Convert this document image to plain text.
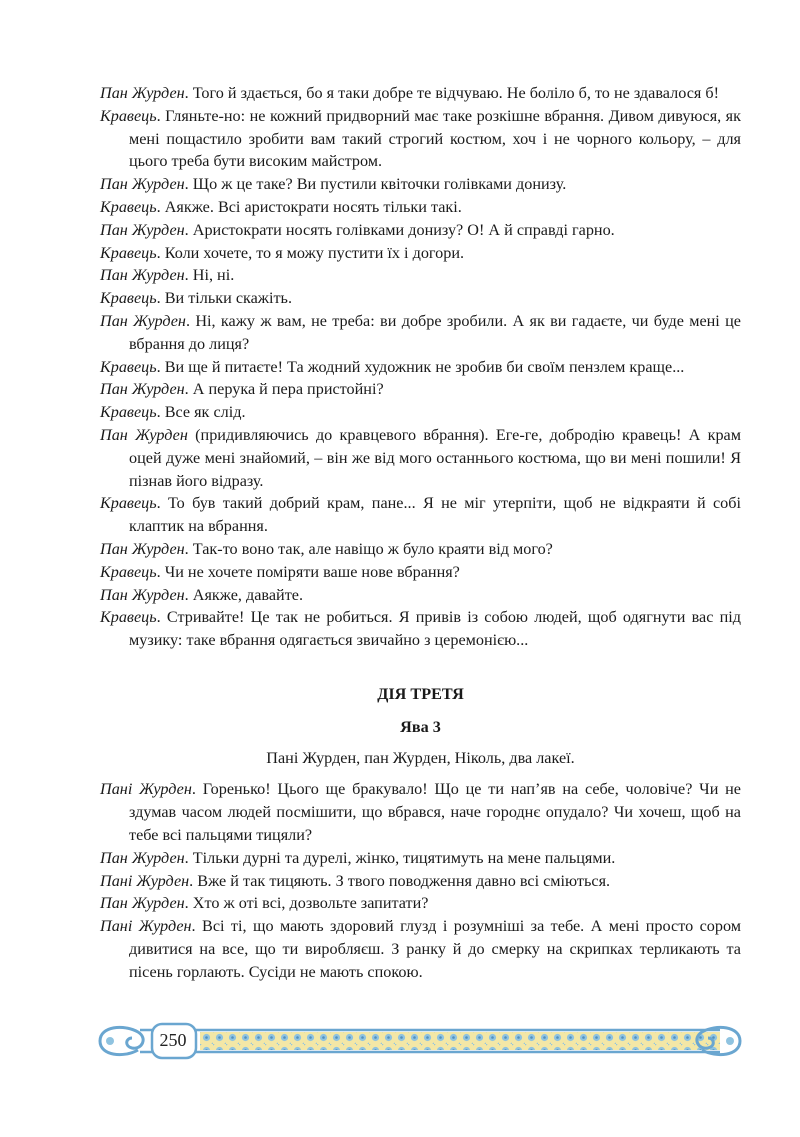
Пан Журден. Того й здається, бо я таки добре те відчуваю. Не боліло б, то не здавалося б!
Кравець. Гляньте-но: не кожний придворний має таке розкішне вбрання. Дивом дивуюся, як мені пощастило зробити вам такий строгий костюм, хоч і не чорного кольору, – для цього треба бути високим майстром.
Пан Журден. Що ж це таке? Ви пустили квіточки голівками донизу.
Кравець. Аякже. Всі аристократи носять тільки такі.
Пан Журден. Аристократи носять голівками донизу? О! А й справді гарно.
Кравець. Коли хочете, то я можу пустити їх і догори.
Пан Журден. Ні, ні.
Кравець. Ви тільки скажіть.
Пан Журден. Ні, кажу ж вам, не треба: ви добре зробили. А як ви гадаєте, чи буде мені це вбрання до лиця?
Кравець. Ви ще й питаєте! Та жодний художник не зробив би своїм пензлем краще...
Пан Журден. А перука й пера пристойні?
Кравець. Все як слід.
Пан Журден (придивляючись до кравцевого вбрання). Еге-ге, добродію кравець! А крам оцей дуже мені знайомий, – він же від мого останнього костюма, що ви мені пошили! Я пізнав його відразу.
Кравець. То був такий добрий крам, пане... Я не міг утерпіти, щоб не відкраяти й собі клаптик на вбрання.
Пан Журден. Так-то воно так, але навіщо ж було краяти від мого?
Кравець. Чи не хочете поміряти ваше нове вбрання?
Пан Журден. Аякже, давайте.
Кравець. Стривайте! Це так не робиться. Я привів із собою людей, щоб одягнути вас під музику: таке вбрання одягається звичайно з церемонією...
ДІЯ ТРЕТЯ
Ява 3
Пані Журден, пан Журден, Ніколь, два лакеї.
Пані Журден. Горенько! Цього ще бракувало! Що це ти нап’яв на себе, чоловіче? Чи не здумав часом людей посмішити, що вбрався, наче городнє опудало? Чи хочеш, щоб на тебе всі пальцями тицяли?
Пан Журден. Тільки дурні та дурелі, жінко, тицятимуть на мене пальцями.
Пані Журден. Вже й так тицяють. З твого поводження давно всі сміються.
Пан Журден. Хто ж оті всі, дозвольте запитати?
Пані Журден. Всі ті, що мають здоровий глузд і розумніші за тебе. А мені просто сором дивитися на все, що ти виробляєш. З ранку й до смерку на скрипках терликають та пісень горлають. Сусіди не мають спокою.
250
